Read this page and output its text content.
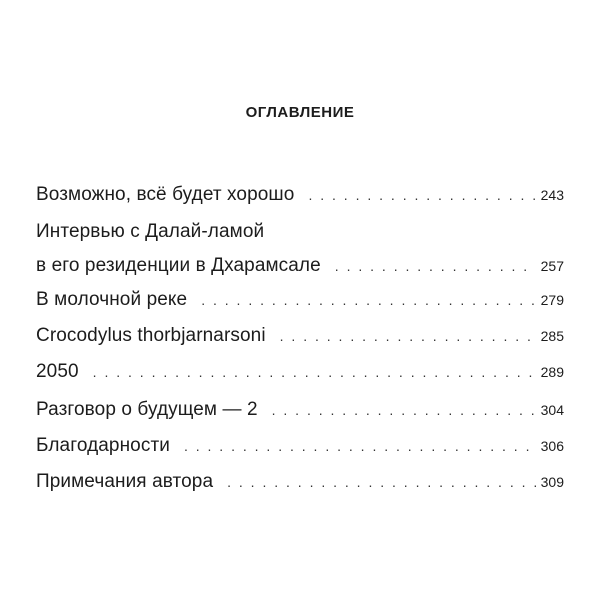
ОГЛАВЛЕНИЕ
Возможно, всё будет хорошо . . .	243
Интервью с Далай-ламой
в его резиденции в Дхарамсале . . .	257
В молочной реке . . .	279
Crocodylus thorbjarnarsoni . . .	285
2050 . . .	289
Разговор о будущем — 2 . . .	304
Благодарности . . .	306
Примечания автора . . .	309
